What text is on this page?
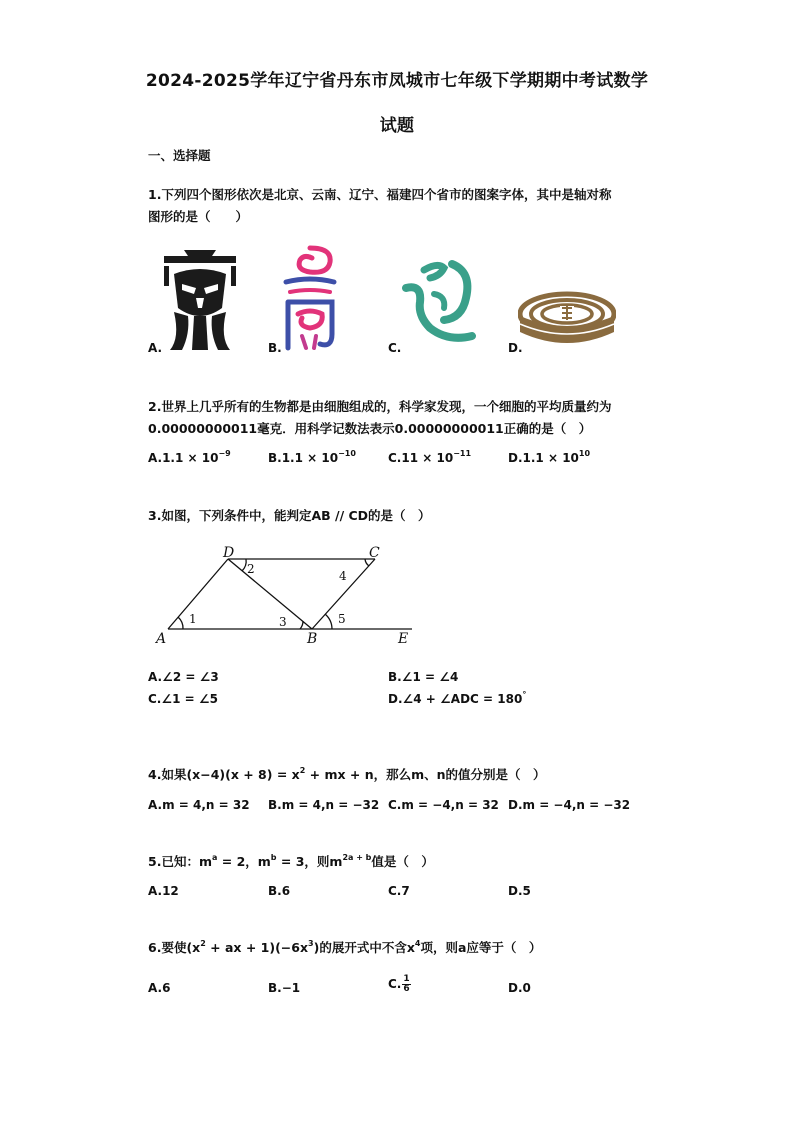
2024-2025学年辽宁省丹东市凤城市七年级下学期期中考试数学
试题
一、选择题
1.下列四个图形依次是北京、云南、辽宁、福建四个省市的图案字体，其中是轴对称
图形的是（　　）
A.	B.	C.	D.
2.世界上几乎所有的生物都是由细胞组成的，科学家发现，一个细胞的平均质量约为
0.00000000011毫克．用科学记数法表示0.00000000011正确的是（　）
$A.1.1 \times 10^{-9}$	$B.1.1 \times 10^{-10}$	$C.11 \times 10^{-11}$	$D.1.1 \times 10^{10}$
3.如图，下列条件中，能判定AB // CD的是（　）
A	B
C
D
E
1
2
3
4
5
A.∠2 = ∠3	B.∠1 = ∠4
C.∠1 = ∠5	D.∠4 + ∠ADC = 180°
4.如果$(x-4)(x + 8) = x^2$ + mx + n，那么m、n的值分别是（　）
A.m = 4,n = 32 B.m = 4,n = −32 C.m = −4,n = 32 D.m = −4,n = −32
5.已知：$m^a = 2$，$m^b = 3$，则$m^{2a + b}$值是（　）
A.12	B.6	C.7	D.5
6.要使($x^2$ + ax + $1)(-6x^3)$的展开式中不含$x^4$项，则a应等于（　）
A.6	B.−1	C. $\frac{1}{6}$	D.0
